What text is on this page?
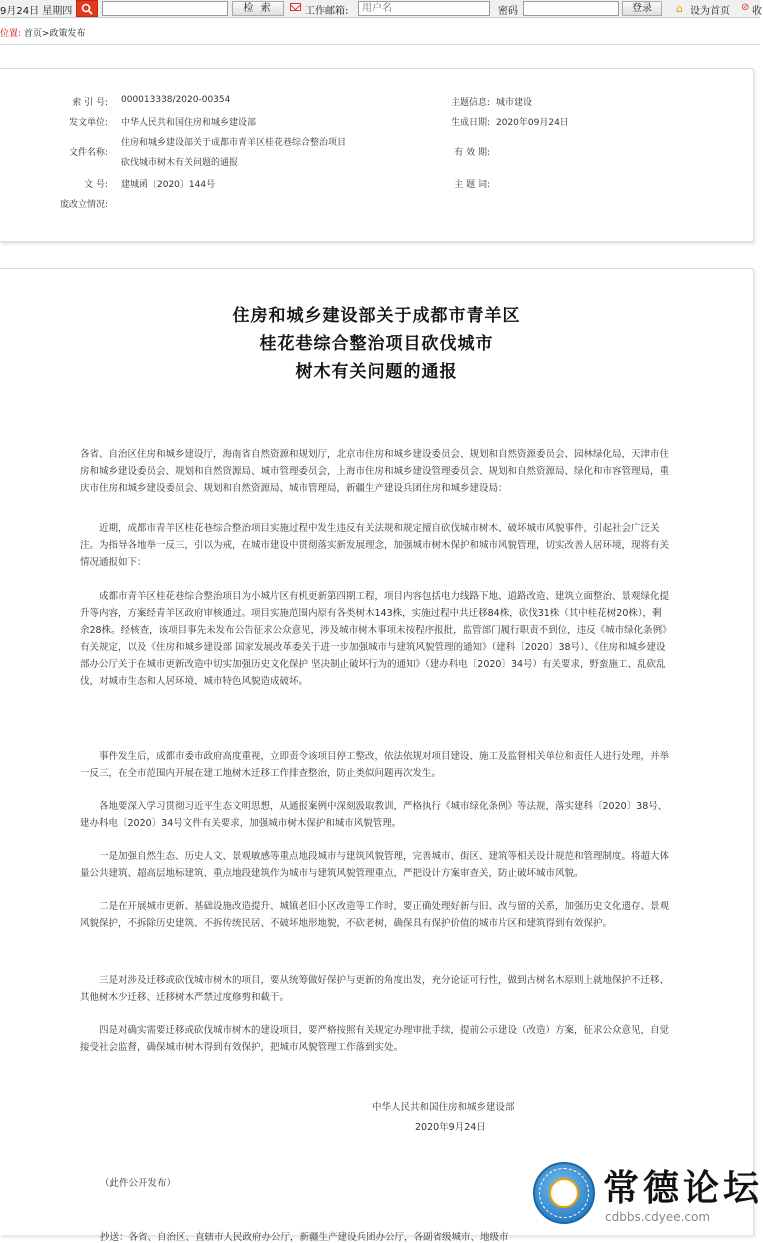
9月24日 星期四	检 索	工作邮箱:
用户名	密码	登录	⌂ 设为首页 ⊘ 收
位置: 首页>政策发布
索 引 号: 000013338/2020-00354	主题信息: 城市建设
发文单位: 中华人民共和国住房和城乡建设部	生成日期: 2020年09月24日
文件名称:
住房和城乡建设部关于成都市青羊区桂花巷综合整治项目
砍伐城市树木有关问题的通报
有 效 期:
文 号: 建城函〔2020〕144号	主 题 词:
废改立情况:
住房和城乡建设部关于成都市青羊区
桂花巷综合整治项目砍伐城市
树木有关问题的通报
各省、自治区住房和城乡建设厅，海南省自然资源和规划厅，北京市住房和城乡建设委员会、规划和自然资源委员会、园林绿化局，天津市住房和城乡建设委员会、规划和自然资源局、城市管理委员会，上海市住房和城乡建设管理委员会、规划和自然资源局、绿化和市容管理局，重庆市住房和城乡建设委员会、规划和自然资源局、城市管理局，新疆生产建设兵团住房和城乡建设局：
近期，成都市青羊区桂花巷综合整治项目实施过程中发生违反有关法规和规定擅自砍伐城市树木、破坏城市风貌事件，引起社会广泛关注。为指导各地举一反三，引以为戒，在城市建设中贯彻落实新发展理念，加强城市树木保护和城市风貌管理，切实改善人居环境，现将有关情况通报如下：
成都市青羊区桂花巷综合整治项目为小城片区有机更新第四期工程，项目内容包括电力线路下地、道路改造、建筑立面整治、景观绿化提升等内容，方案经青羊区政府审核通过。项目实施范围内原有各类树木143株，实施过程中共迁移84株，砍伐31株（其中桂花树20株），剩余28株。经核查，该项目事先未发布公告征求公众意见，涉及城市树木事项未按程序报批，监管部门履行职责不到位，违反《城市绿化条例》有关规定，以及《住房和城乡建设部 国家发展改革委关于进一步加强城市与建筑风貌管理的通知》（建科〔2020〕38号）、《住房和城乡建设部办公厅关于在城市更新改造中切实加强历史文化保护 坚决制止破坏行为的通知》（建办科电〔2020〕34号）有关要求，野蛮施工、乱砍乱伐，对城市生态和人居环境、城市特色风貌造成破坏。
事件发生后，成都市委市政府高度重视，立即责令该项目停工整改，依法依规对项目建设、施工及监督相关单位和责任人进行处理，并举一反三，在全市范围内开展在建工地树木迁移工作排查整治，防止类似问题再次发生。
各地要深入学习贯彻习近平生态文明思想，从通报案例中深刻汲取教训，严格执行《城市绿化条例》等法规，落实建科〔2020〕38号、建办科电〔2020〕34号文件有关要求，加强城市树木保护和城市风貌管理。
一是加强自然生态、历史人文、景观敏感等重点地段城市与建筑风貌管理，完善城市、街区、建筑等相关设计规范和管理制度。将超大体量公共建筑、超高层地标建筑、重点地段建筑作为城市与建筑风貌管理重点，严把设计方案审查关，防止破坏城市风貌。
二是在开展城市更新、基础设施改造提升、城镇老旧小区改造等工作时，要正确处理好新与旧、改与留的关系，加强历史文化遗存、景观风貌保护，不拆除历史建筑、不拆传统民居、不破坏地形地貌，不砍老树，确保具有保护价值的城市片区和建筑得到有效保护。
三是对涉及迁移或砍伐城市树木的项目，要从统筹做好保护与更新的角度出发，充分论证可行性，做到古树名木原则上就地保护不迁移、其他树木少迁移、迁移树木严禁过度修剪和截干。
四是对确实需要迁移或砍伐城市树木的建设项目，要严格按照有关规定办理审批手续，提前公示建设（改造）方案，征求公众意见，自觉接受社会监督，确保城市树木得到有效保护，把城市风貌管理工作落到实处。
中华人民共和国住房和城乡建设部
2020年9月24日
（此件公开发布）
抄送：各省、自治区、直辖市人民政府办公厅，新疆生产建设兵团办公厅，各副省级城市、地级市
常德论坛
cdbbs.cdyee.com
